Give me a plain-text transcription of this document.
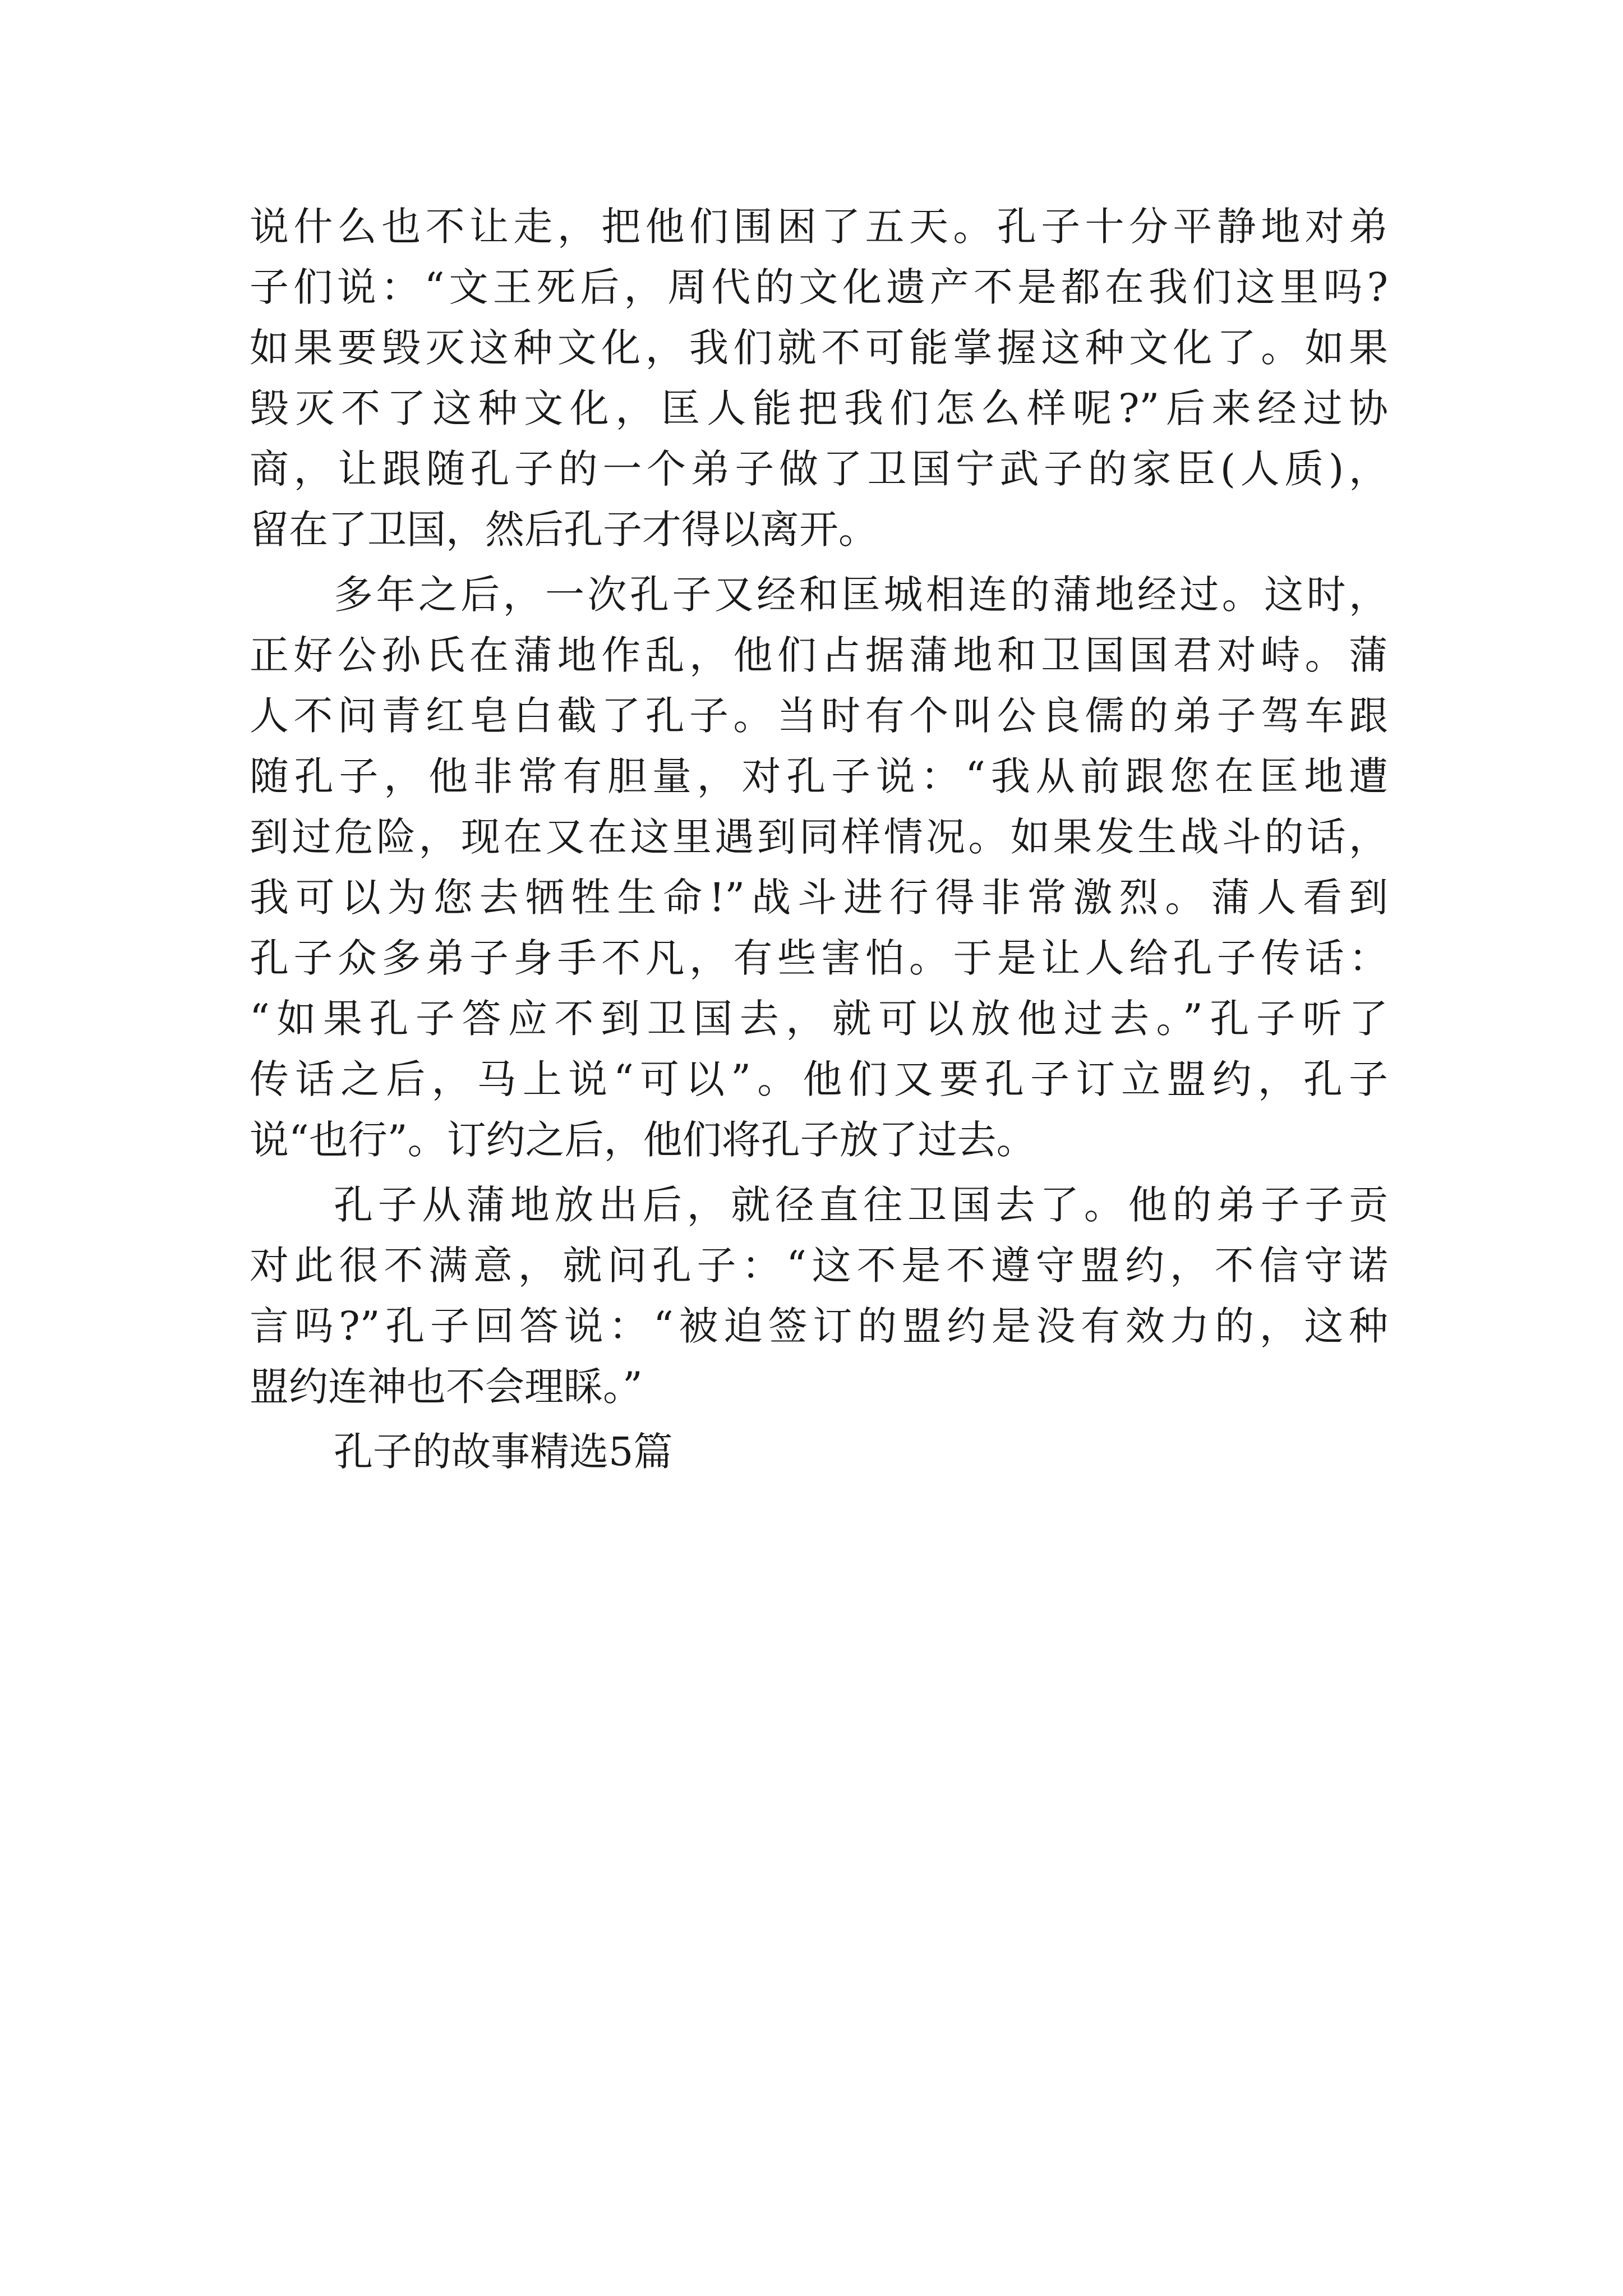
说什么也不让走，把他们围困了五天。孔子十分平静地对弟
子们说：“文王死后，周代的文化遗产不是都在我们这里吗?
如果要毁灭这种文化，我们就不可能掌握这种文化了。如果
毁灭不了这种文化，匡人能把我们怎么样呢?”后来经过协
商，让跟随孔子的一个弟子做了卫国宁武子的家臣(人质)，
留在了卫国，然后孔子才得以离开。

多年之后，一次孔子又经和匡城相连的蒲地经过。这时，
正好公孙氏在蒲地作乱，他们占据蒲地和卫国国君对峙。蒲
人不问青红皂白截了孔子。当时有个叫公良儒的弟子驾车跟
随孔子，他非常有胆量，对孔子说：“我从前跟您在匡地遭
到过危险，现在又在这里遇到同样情况。如果发生战斗的话，
我可以为您去牺牲生命!”战斗进行得非常激烈。蒲人看到
孔子众多弟子身手不凡，有些害怕。于是让人给孔子传话：
“如果孔子答应不到卫国去，就可以放他过去。”孔子听了
传话之后，马上说“可以”。他们又要孔子订立盟约，孔子
说“也行”。订约之后，他们将孔子放了过去。

孔子从蒲地放出后，就径直往卫国去了。他的弟子子贡
对此很不满意，就问孔子：“这不是不遵守盟约，不信守诺
言吗?”孔子回答说：“被迫签订的盟约是没有效力的，这种
盟约连神也不会理睬。”

孔子的故事精选5篇
